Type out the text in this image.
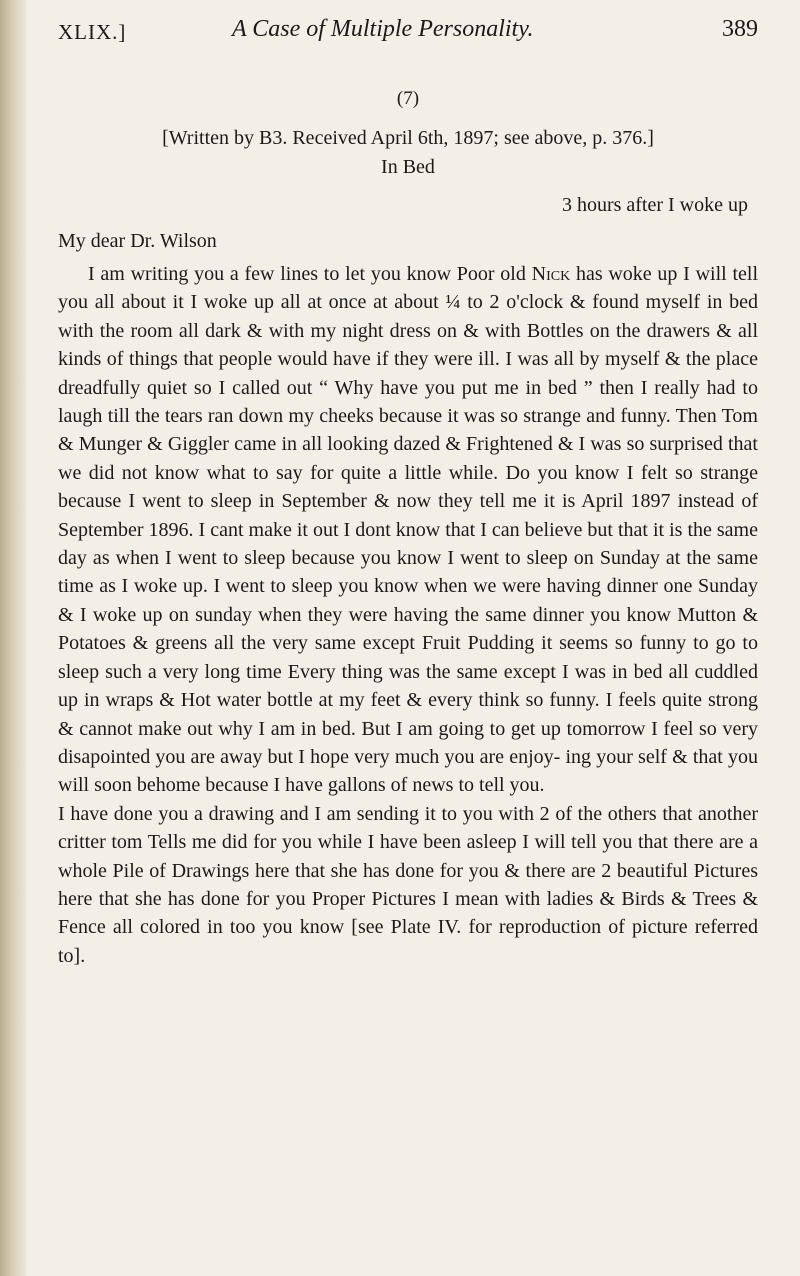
XLIX.]	A Case of Multiple Personality.	389
(7)
[Written by B3. Received April 6th, 1897; see above, p. 376.]
In Bed
3 hours after I woke up
My dear Dr. Wilson

I am writing you a few lines to let you know Poor old Nick has woke up I will tell you all about it I woke up all at once at about ¼ to 2 o'clock & found myself in bed with the room all dark & with my night dress on & with Bottles on the drawers & all kinds of things that people would have if they were ill. I was all by myself & the place dreadfully quiet so I called out “ Why have you put me in bed ” then I really had to laugh till the tears ran down my cheeks because it was so strange and funny. Then Tom & Munger & Giggler came in all looking dazed & Frightened & I was so surprised that we did not know what to say for quite a little while. Do you know I felt so strange because I went to sleep in September & now they tell me it is April 1897 instead of September 1896. I cant make it out I dont know that I can believe but that it is the same day as when I went to sleep because you know I went to sleep on Sunday at the same time as I woke up. I went to sleep you know when we were having dinner one Sunday & I woke up on sunday when they were having the same dinner you know Mutton & Potatoes & greens all the very same except Fruit Pudding it seems so funny to go to sleep such a very long time Every thing was the same except I was in bed all cuddled up in wraps & Hot water bottle at my feet & every think so funny. I feels quite strong & cannot make out why I am in bed. But I am going to get up tomorrow I feel so very disapointed you are away but I hope very much you are enjoy- ing your self & that you will soon behome because I have gallons of news to tell you.

I have done you a drawing and I am sending it to you with 2 of the others that another critter tom Tells me did for you while I have been asleep I will tell you that there are a whole Pile of Drawings here that she has done for you & there are 2 beautiful Pictures here that she has done for you Proper Pictures I mean with ladies & Birds & Trees & Fence all colored in too you know [see Plate IV. for reproduction of picture referred to].
